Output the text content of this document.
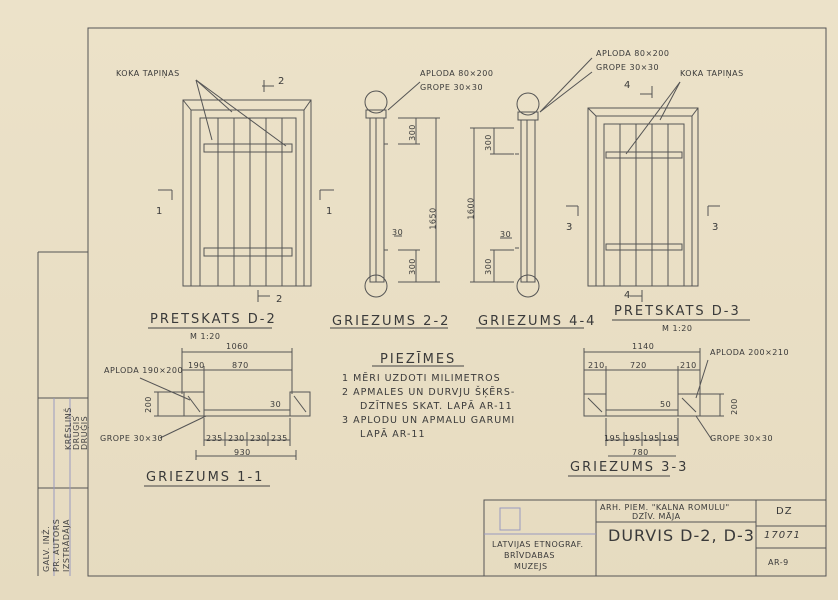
KOKA TAPIŅAS	KOKA TAPIŅAS
APLODA 80×200
GROPE 30×30
APLODA 80×200
GROPE 30×30
2
2
1	1
4
4
3	3
PRETSKATS D-2
M 1:20
GRIEZUMS 2-2 GRIEZUMS 4-4
PRETSKATS D-3
M 1:20
GRIEZUMS 1-1
GRIEZUMS 3-3
300
1650
30
300
300
1600
30
300
1060
190	870
APLODA 190×200
200	30
GROPE 30×30	235 230 230 235
930
1140
210	720	210
APLODA 200×210
50	200
GROPE 30×30
195 195 195 195
780
PIEZĪMES
1 MĒRI UZDOTI MILIMETROS
2 APMALES UN DURVJU ŠĶĒRS-
DZĪTNES SKAT. LAPĀ AR-11
3 APLODU UN APMALU GARUMI
LAPĀ AR-11
ARH. PIEM. "KALNA ROMULU"
DZĪV. MĀJA
DURVIS D-2, D-3
DZ
17071
AR-9
LATVIJAS ETNOGRAF.
BRĪVDABAS
MUZEJS
GALV. INŽ. PR. AUTORS IZSTRĀDĀJA
KRĒSLIŅŠ DRUĢIS DRUĢIS
